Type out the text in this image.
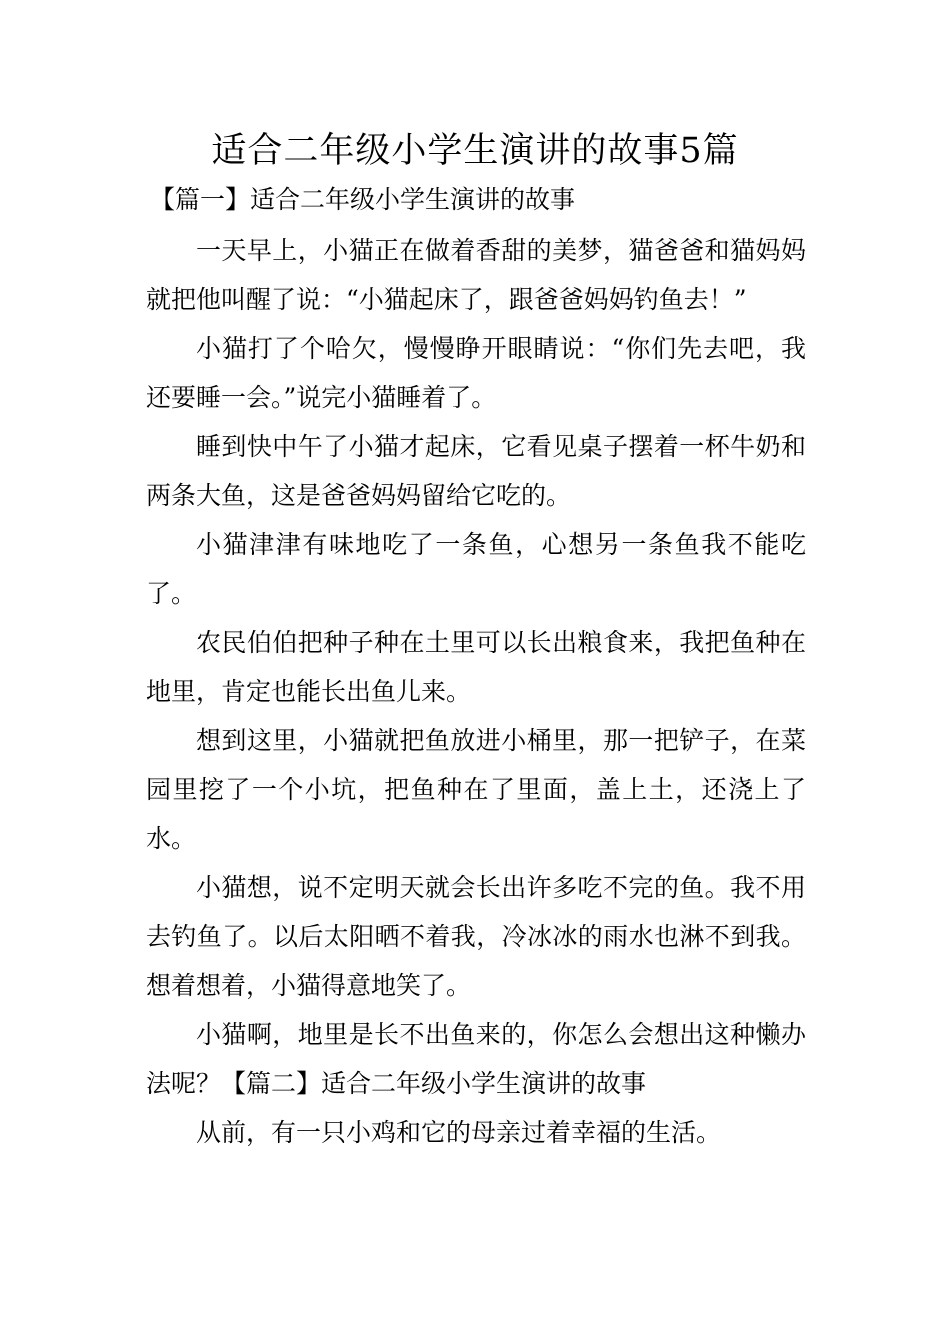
适合二年级小学生演讲的故事5篇
【篇一】适合二年级小学生演讲的故事

一天早上，小猫正在做着香甜的美梦，猫爸爸和猫妈妈就把他叫醒了说：“小猫起床了，跟爸爸妈妈钓鱼去！”

小猫打了个哈欠，慢慢睁开眼睛说：“你们先去吧，我还要睡一会。”说完小猫睡着了。

睡到快中午了小猫才起床，它看见桌子摆着一杯牛奶和两条大鱼，这是爸爸妈妈留给它吃的。

小猫津津有味地吃了一条鱼，心想另一条鱼我不能吃了。

农民伯伯把种子种在土里可以长出粮食来，我把鱼种在地里，肯定也能长出鱼儿来。

想到这里，小猫就把鱼放进小桶里，那一把铲子，在菜园里挖了一个小坑，把鱼种在了里面，盖上土，还浇上了水。

小猫想，说不定明天就会长出许多吃不完的鱼。我不用去钓鱼了。以后太阳晒不着我，冷冰冰的雨水也淋不到我。想着想着，小猫得意地笑了。

小猫啊，地里是长不出鱼来的，你怎么会想出这种懒办法呢？【篇二】适合二年级小学生演讲的故事

从前，有一只小鸡和它的母亲过着幸福的生活。
